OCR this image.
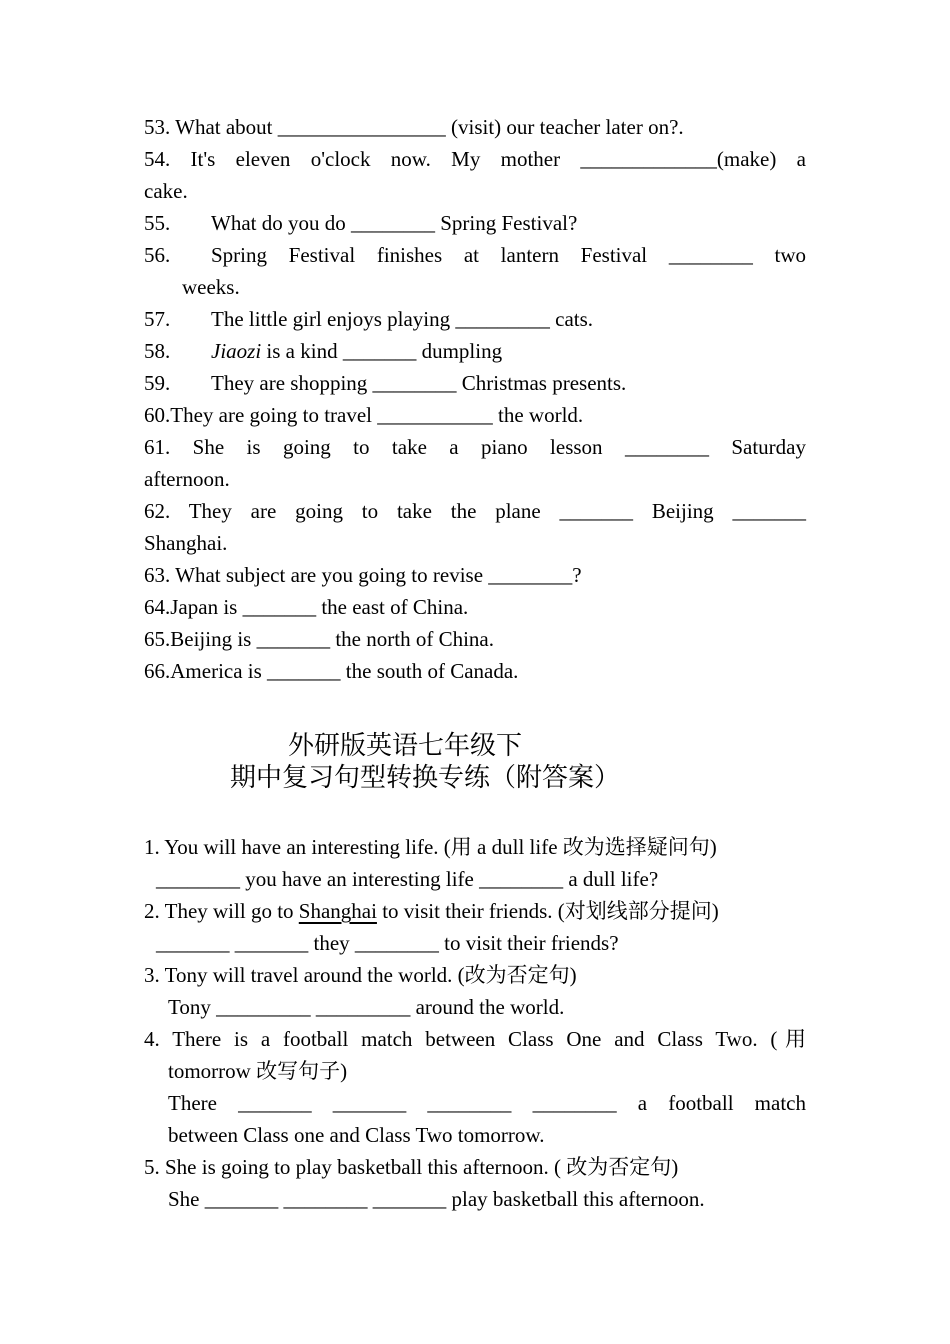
53. What about ________________ (visit) our teacher later on?.
54. It's eleven o'clock now. My mother _____________(make) a
cake.
55. What do you do ________ Spring Festival?
56.	Spring Festival finishes at lantern Festival ________ two
weeks.
57. The little girl enjoys playing _________ cats.
58. Jiaozi is a kind _______ dumpling
59. They are shopping ________ Christmas presents.
60.They are going to travel ___________ the world.
61. She is going to take a piano lesson ________ Saturday
afternoon.
62. They are going to take the plane _______ Beijing _______
Shanghai.
63. What subject are you going to revise ________?
64.Japan is _______ the east of China.
65.Beijing is _______ the north of China.
66.America is _______ the south of Canada.
外研版英语七年级下
期中复习句型转换专练（附答案）
1. You will have an interesting life. (用 a dull life 改为选择疑问句)
________ you have an interesting life ________ a dull life?
2. They will go to Shanghai to visit their friends. (对划线部分提问)
_______ _______ they ________ to visit their friends?
3. Tony will travel around the world. (改为否定句)
Tony _________ _________ around the world.
4. There is a football match between Class One and Class Two. (用
tomorrow 改写句子)
There _______ _______ ________ ________ a football match
between Class one and Class Two tomorrow.
5. She is going to play basketball this afternoon. ( 改为否定句)
She _______ ________ _______ play basketball this afternoon.
